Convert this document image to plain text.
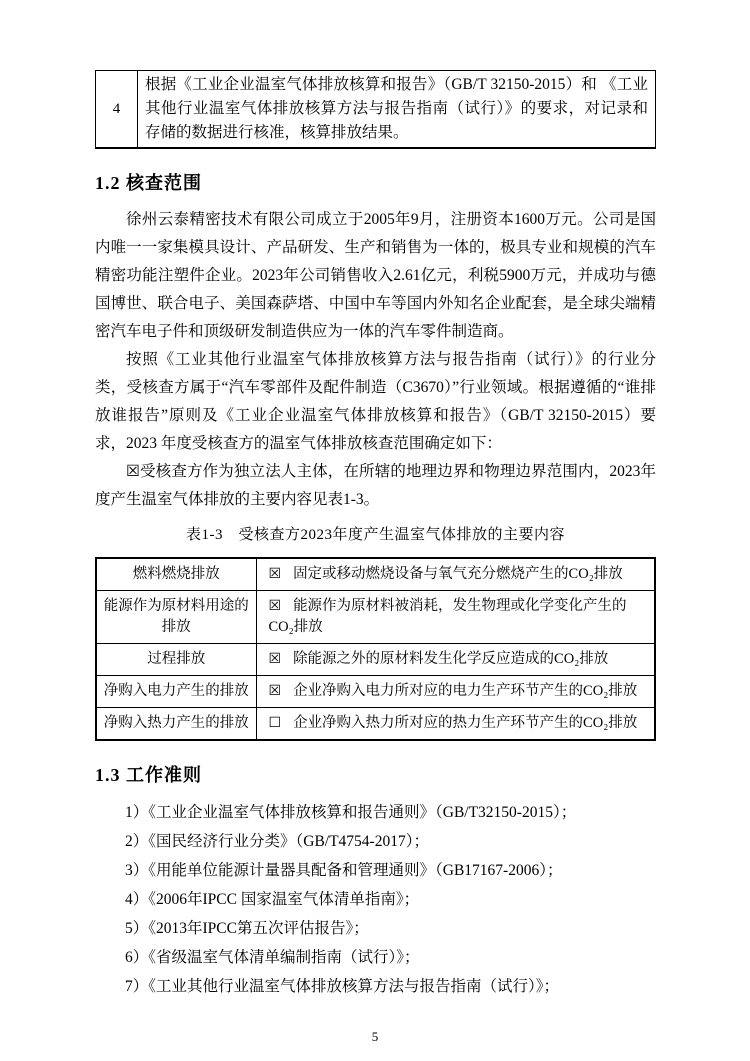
4	根据《工业企业温室气体排放核算和报告》（GB/T 32150-2015）和 《工业其他行业温室气体排放核算方法与报告指南（试行）》的要求，对记录和存储的数据进行核准，核算排放结果。
1.2 核查范围

徐州云泰精密技术有限公司成立于2005年9月，注册资本1600万元。公司是国内唯一一家集模具设计、产品研发、生产和销售为一体的，极具专业和规模的汽车精密功能注塑件企业。2023年公司销售收入2.61亿元，利税5900万元，并成功与德国博世、联合电子、美国森萨塔、中国中车等国内外知名企业配套，是全球尖端精密汽车电子件和顶级研发制造供应为一体的汽车零件制造商。

按照《工业其他行业温室气体排放核算方法与报告指南（试行）》的行业分类，受核查方属于“汽车零部件及配件制造（C3670）”行业领域。根据遵循的“谁排放谁报告”原则及《工业企业温室气体排放核算和报告》（GB/T 32150-2015）要求，2023 年度受核查方的温室气体排放核查范围确定如下：

☒受核查方作为独立法人主体，在所辖的地理边界和物理边界范围内，2023年度产生温室气体排放的主要内容见表1-3。

表1-3　受核查方2023年度产生温室气体排放的主要内容
燃料燃烧排放	☒ 固定或移动燃烧设备与氧气充分燃烧产生的CO₂排放
能源作为原材料用途的排放	☒ 能源作为原材料被消耗，发生物理或化学变化产生的CO₂排放
过程排放	☒ 除能源之外的原材料发生化学反应造成的CO₂排放
净购入电力产生的排放	☒ 企业净购入电力所对应的电力生产环节产生的CO₂排放
净购入热力产生的排放	☐ 企业净购入热力所对应的热力生产环节产生的CO₂排放
1.3 工作准则

1）《工业企业温室气体排放核算和报告通则》（GB/T32150-2015）；

2）《国民经济行业分类》（GB/T4754-2017）；

3）《用能单位能源计量器具配备和管理通则》（GB17167-2006）；

4）《2006年IPCC 国家温室气体清单指南》；

5）《2013年IPCC第五次评估报告》；

6）《省级温室气体清单编制指南（试行）》；

7）《工业其他行业温室气体排放核算方法与报告指南（试行）》；

5
